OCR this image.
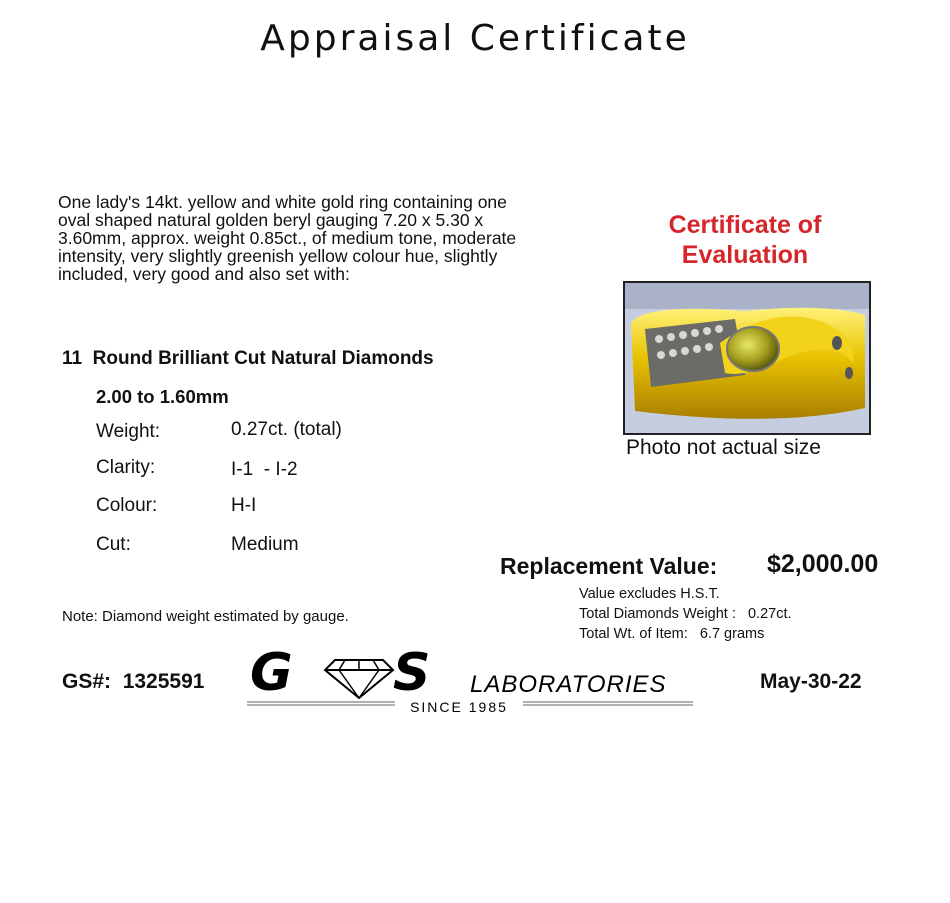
Appraisal Certificate

One lady's 14kt. yellow and white gold ring containing one

oval shaped natural golden beryl gauging 7.20 x 5.30 x

3.60mm, approx. weight 0.85ct., of medium tone, moderate

intensity, very slightly greenish yellow colour hue, slightly

included, very good and also set with:

11  Round Brilliant Cut Natural Diamonds
2.00 to 1.60mm
Weight:	0.27ct. (total)
Clarity:	I-1  - I-2
Colour:	H-I
Cut:	Medium
Certificate of
Evaluation
Photo not actual size
Replacement Value: $2,000.00
Value excludes H.S.T.
Total Diamonds Weight :   0.27ct.
Total Wt. of Item:   6.7 grams
Note: Diamond weight estimated by gauge.
GS#: 1325591 G S LABORATORIES
SINCE 1985
May-30-22
